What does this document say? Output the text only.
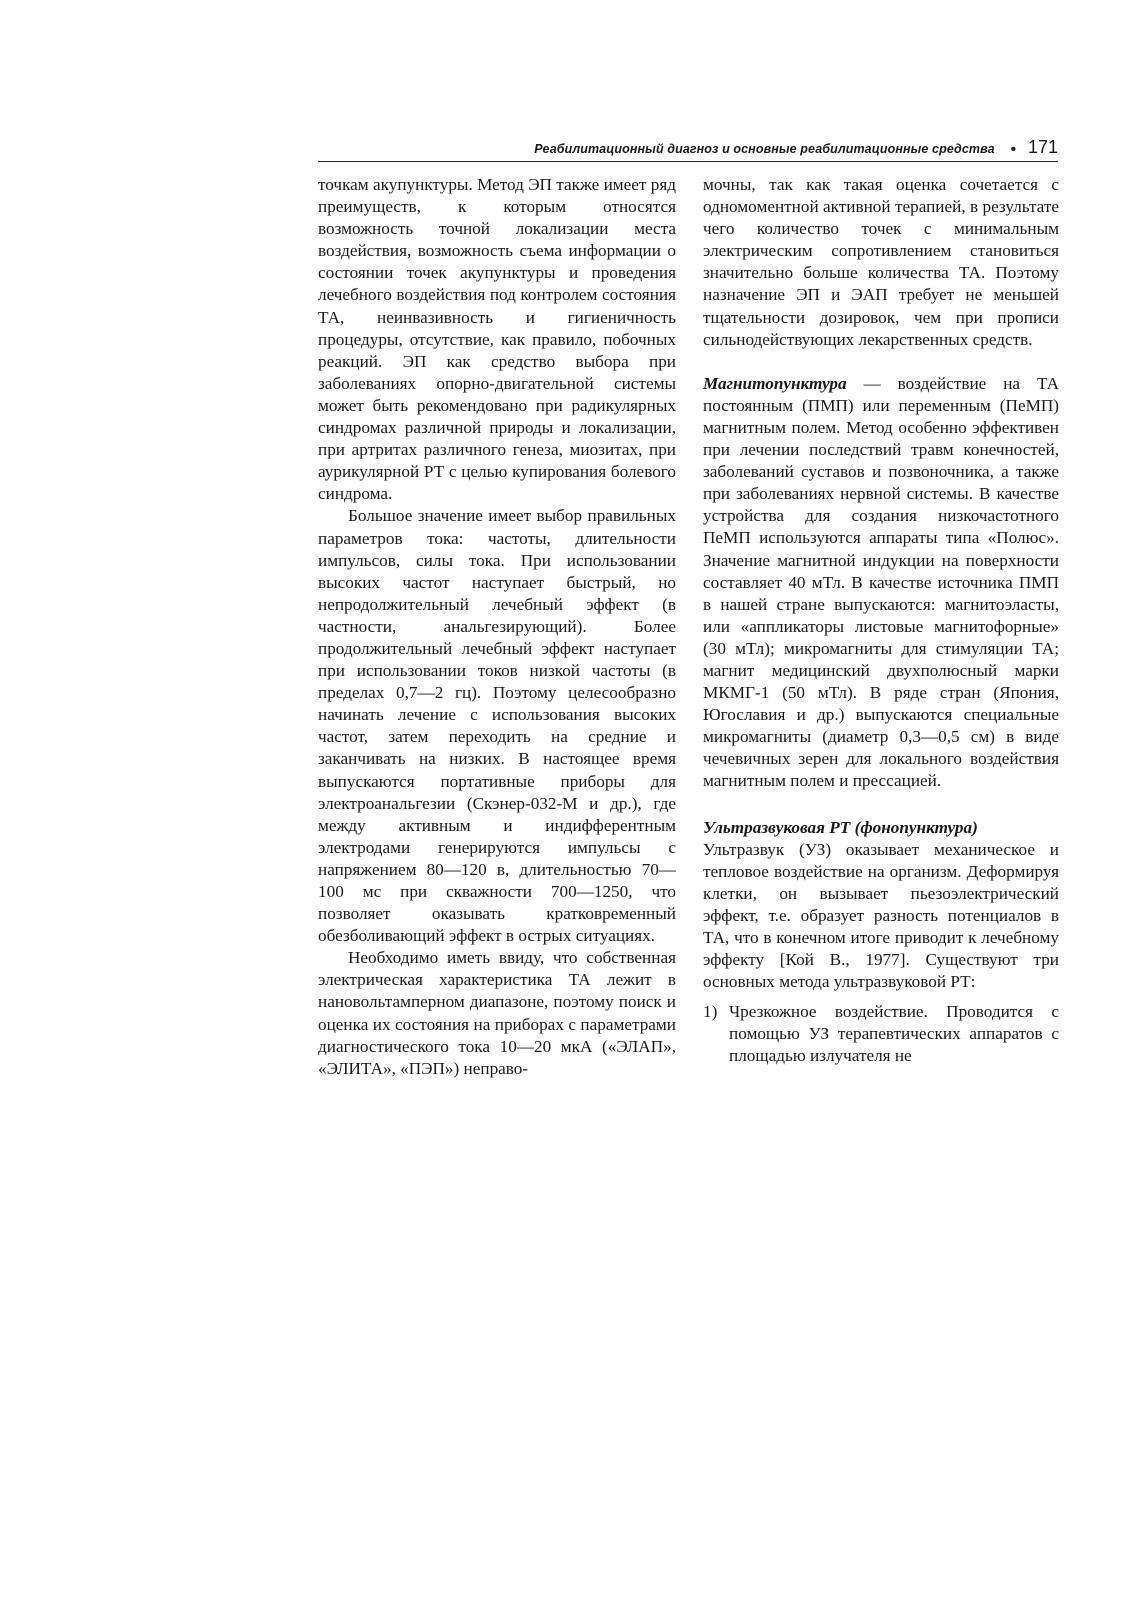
Реабилитационный диагноз и основные реабилитационные средства • 171

точкам акупунктуры. Метод ЭП также имеет ряд преимуществ, к которым относятся возможность точной локализации места воздействия, возможность съема информации о состоянии точек акупунктуры и проведения лечебного воздействия под контролем состояния ТА, неинвазивность и гигиеничность процедуры, отсутствие, как правило, побочных реакций. ЭП как средство выбора при заболеваниях опорно-двигательной системы может быть рекомендовано при радикулярных синдромах различной природы и локализации, при артритах различного генеза, миозитах, при аурикулярной РТ с целью купирования болевого синдрома.

Большое значение имеет выбор правильных параметров тока: частоты, длительности импульсов, силы тока. При использовании высоких частот наступает быстрый, но непродолжительный лечебный эффект (в частности, анальгезирующий). Более продолжительный лечебный эффект наступает при использовании токов низкой частоты (в пределах 0,7—2 гц). Поэтому целесообразно начинать лечение с использования высоких частот, затем переходить на средние и заканчивать на низких. В настоящее время выпускаются портативные приборы для электроанальгезии (Скэнер-032-М и др.), где между активным и индифферентным электродами генерируются импульсы с напряжением 80—120 в, длительностью 70—100 мс при скважности 700—1250, что позволяет оказывать кратковременный обезболивающий эффект в острых ситуациях.

Необходимо иметь ввиду, что собственная электрическая характеристика ТА лежит в нановольтамперном диапазоне, поэтому поиск и оценка их состояния на приборах с параметрами диагностического тока 10—20 мкА («ЭЛАП», «ЭЛИТА», «ПЭП») неправо-

мочны, так как такая оценка сочетается с одномоментной активной терапией, в результате чего количество точек с минимальным электрическим сопротивлением становиться значительно больше количества ТА. Поэтому назначение ЭП и ЭАП требует не меньшей тщательности дозировок, чем при прописи сильнодействующих лекарственных средств.

Магнитопунктура — воздействие на ТА постоянным (ПМП) или переменным (ПеМП) магнитным полем. Метод особенно эффективен при лечении последствий травм конечностей, заболеваний суставов и позвоночника, а также при заболеваниях нервной системы. В качестве устройства для создания низкочастотного ПеМП используются аппараты типа «Полюс». Значение магнитной индукции на поверхности составляет 40 мТл. В качестве источника ПМП в нашей стране выпускаются: магнитоэласты, или «аппликаторы листовые магнитофорные» (30 мТл); микромагниты для стимуляции ТА; магнит медицинский двухполюсный марки МКМГ-1 (50 мТл). В ряде стран (Япония, Югославия и др.) выпускаются специальные микромагниты (диаметр 0,3—0,5 см) в виде чечевичных зерен для локального воздействия магнитным полем и прессацией.

Ультразвуковая РТ (фонопунктура)

Ультразвук (УЗ) оказывает механическое и тепловое воздействие на организм. Деформируя клетки, он вызывает пьезоэлектрический эффект, т.е. образует разность потенциалов в ТА, что в конечном итоге приводит к лечебному эффекту [Кой В., 1977]. Существуют три основных метода ультразвуковой РТ:

1) Чрезкожное воздействие. Проводится с помощью УЗ терапевтических аппаратов с площадью излучателя не
